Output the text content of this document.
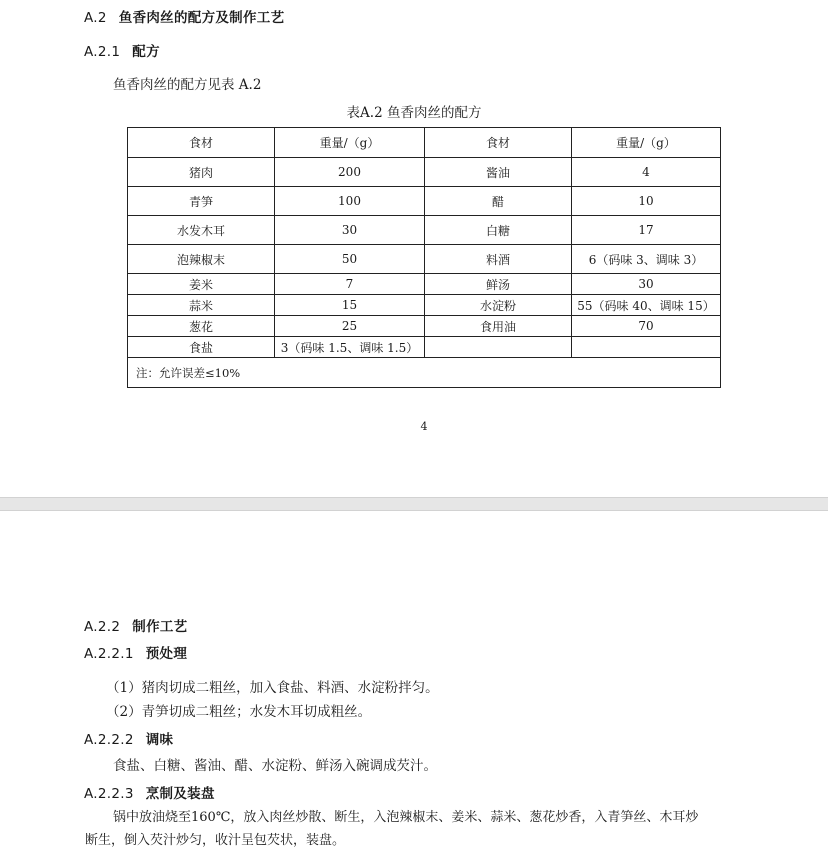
A.2 鱼香肉丝的配方及制作工艺
A.2.1 配方

鱼香肉丝的配方见表 A.2

表A.2 鱼香肉丝的配方

食材	重量/（g）	食材	重量/（g）
猪肉	200	酱油	4
青笋	100	醋	10
水发木耳	30	白糖	17
泡辣椒末	50	料酒	6（码味 3、调味 3）
姜米	7	鲜汤	30
蒜米	15	水淀粉	55（码味 40、调味 15）
葱花	25	食用油	70
食盐	3（码味 1.5、调味 1.5）		
注：允许误差≤10%			
4
A.2.2 制作工艺
A.2.2.1 预处理

（1）猪肉切成二粗丝，加入食盐、料酒、水淀粉拌匀。

（2）青笋切成二粗丝；水发木耳切成粗丝。

A.2.2.2 调味

食盐、白糖、酱油、醋、水淀粉、鲜汤入碗调成芡汁。

A.2.2.3 烹制及装盘

锅中放油烧至160℃，放入肉丝炒散、断生，入泡辣椒末、姜米、蒜米、葱花炒香，入青笋丝、木耳炒

断生，倒入芡汁炒匀，收汁呈包芡状，装盘。
